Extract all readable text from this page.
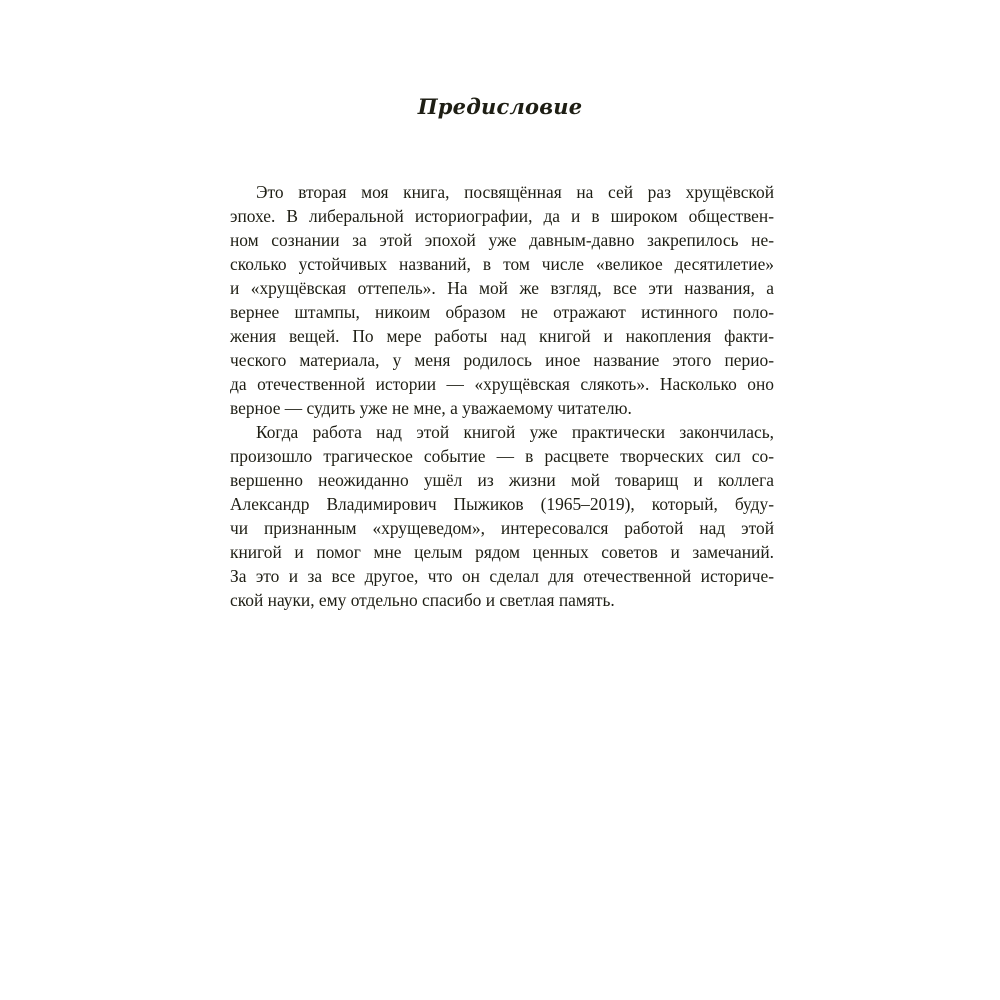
Предисловие
Это вторая моя книга, посвящённая на сей раз хрущёвской
эпохе. В либеральной историографии, да и в широком обществен-
ном сознании за этой эпохой уже давным-давно закрепилось не-
сколько устойчивых названий, в том числе «великое десятилетие»
и «хрущёвская оттепель». На мой же взгляд, все эти названия, а
вернее штампы, никоим образом не отражают истинного поло-
жения вещей. По мере работы над книгой и накопления факти-
ческого материала, у меня родилось иное название этого перио-
да отечественной истории — «хрущёвская слякоть». Насколько оно
верное — судить уже не мне, а уважаемому читателю.
Когда работа над этой книгой уже практически закончилась,
произошло трагическое событие — в расцвете творческих сил со-
вершенно неожиданно ушёл из жизни мой товарищ и коллега
Александр Владимирович Пыжиков (1965–2019), который, буду-
чи признанным «хрущеведом», интересовался работой над этой
книгой и помог мне целым рядом ценных советов и замечаний.
За это и за все другое, что он сделал для отечественной историче-
ской науки, ему отдельно спасибо и светлая память.
